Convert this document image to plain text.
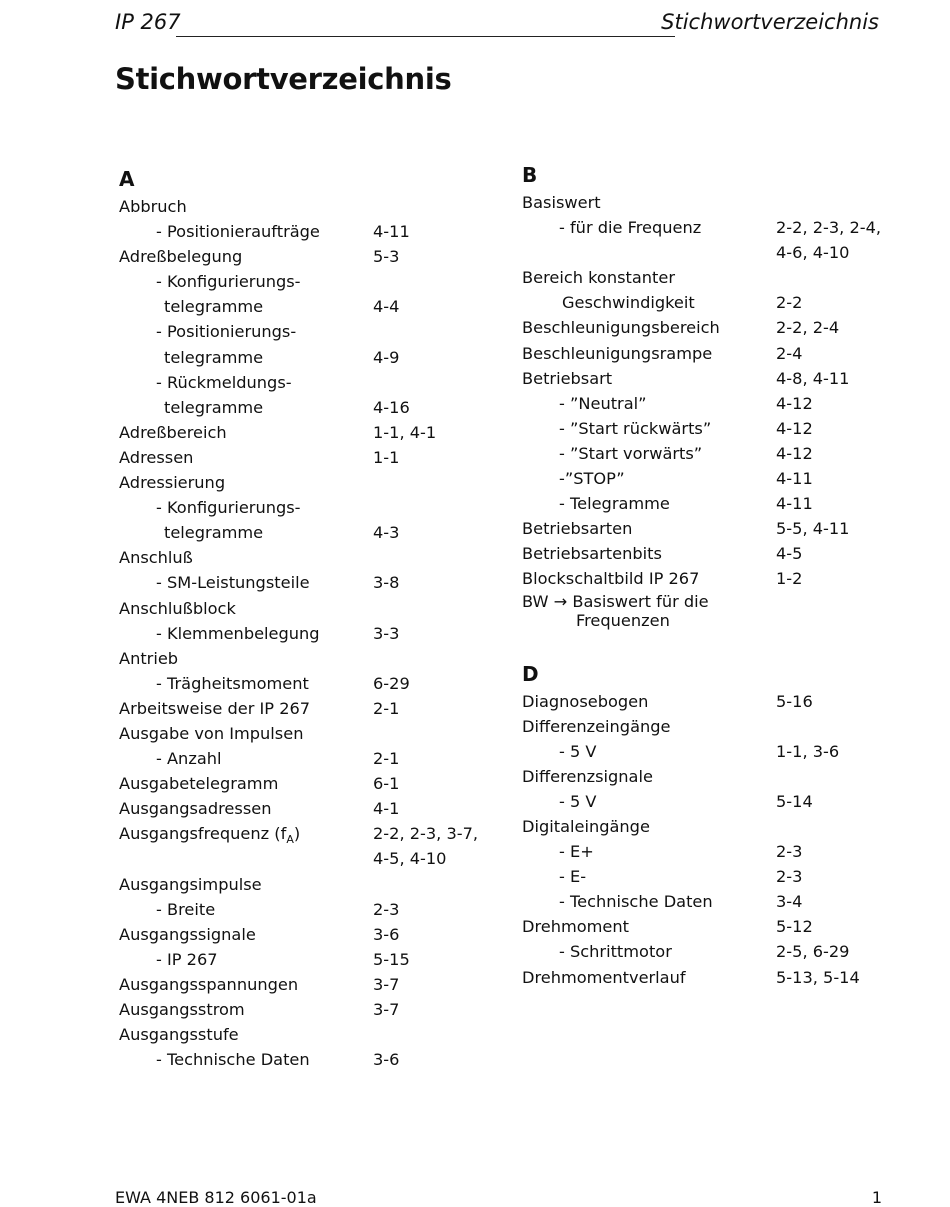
IP 267	Stichwortverzeichnis
Stichwortverzeichnis
A
Abbruch
- Positionieraufträge	4-11
Adreßbelegung	5-3
- Konfigurierungs-
telegramme	4-4
- Positionierungs-
telegramme	4-9
- Rückmeldungs-
telegramme	4-16
Adreßbereich	1-1, 4-1
Adressen	1-1
Adressierung
- Konfigurierungs-
telegramme	4-3
Anschluß
- SM-Leistungsteile	3-8
Anschlußblock
- Klemmenbelegung	3-3
Antrieb
- Trägheitsmoment	6-29
Arbeitsweise der IP 267	2-1
Ausgabe von Impulsen
- Anzahl	2-1
Ausgabetelegramm	6-1
Ausgangsadressen	4-1
Ausgangsfrequenz $(f_A)$	2-2, 2-3, 3-7,
4-5, 4-10
Ausgangsimpulse
- Breite	2-3
Ausgangssignale	3-6
- IP 267	5-15
Ausgangsspannungen	3-7
Ausgangsstrom	3-7
Ausgangsstufe
- Technische Daten	3-6
B
Basiswert
- für die Frequenz	2-2, 2-3, 2-4,
4-6, 4-10
Bereich konstanter
Geschwindigkeit	2-2
Beschleunigungsbereich	2-2, 2-4
Beschleunigungsrampe	2-4
Betriebsart	4-8, 4-11
- ”Neutral”	4-12
- ”Start rückwärts”	4-12
- ”Start vorwärts”	4-12
-”STOP”	4-11
- Telegramme	4-11
Betriebsarten	5-5, 4-11
Betriebsartenbits	4-5
Blockschaltbild IP 267	1-2
BW → Basiswert für die
Frequenzen
D
Diagnosebogen	5-16
Differenzeingänge
- 5 V	1-1, 3-6
Differenzsignale
- 5 V	5-14
Digitaleingänge
- E+	2-3
- E-	2-3
- Technische Daten	3-4
Drehmoment	5-12
- Schrittmotor	2-5, 6-29
Drehmomentverlauf	5-13, 5-14
EWA 4NEB 812 6061-01a	1
